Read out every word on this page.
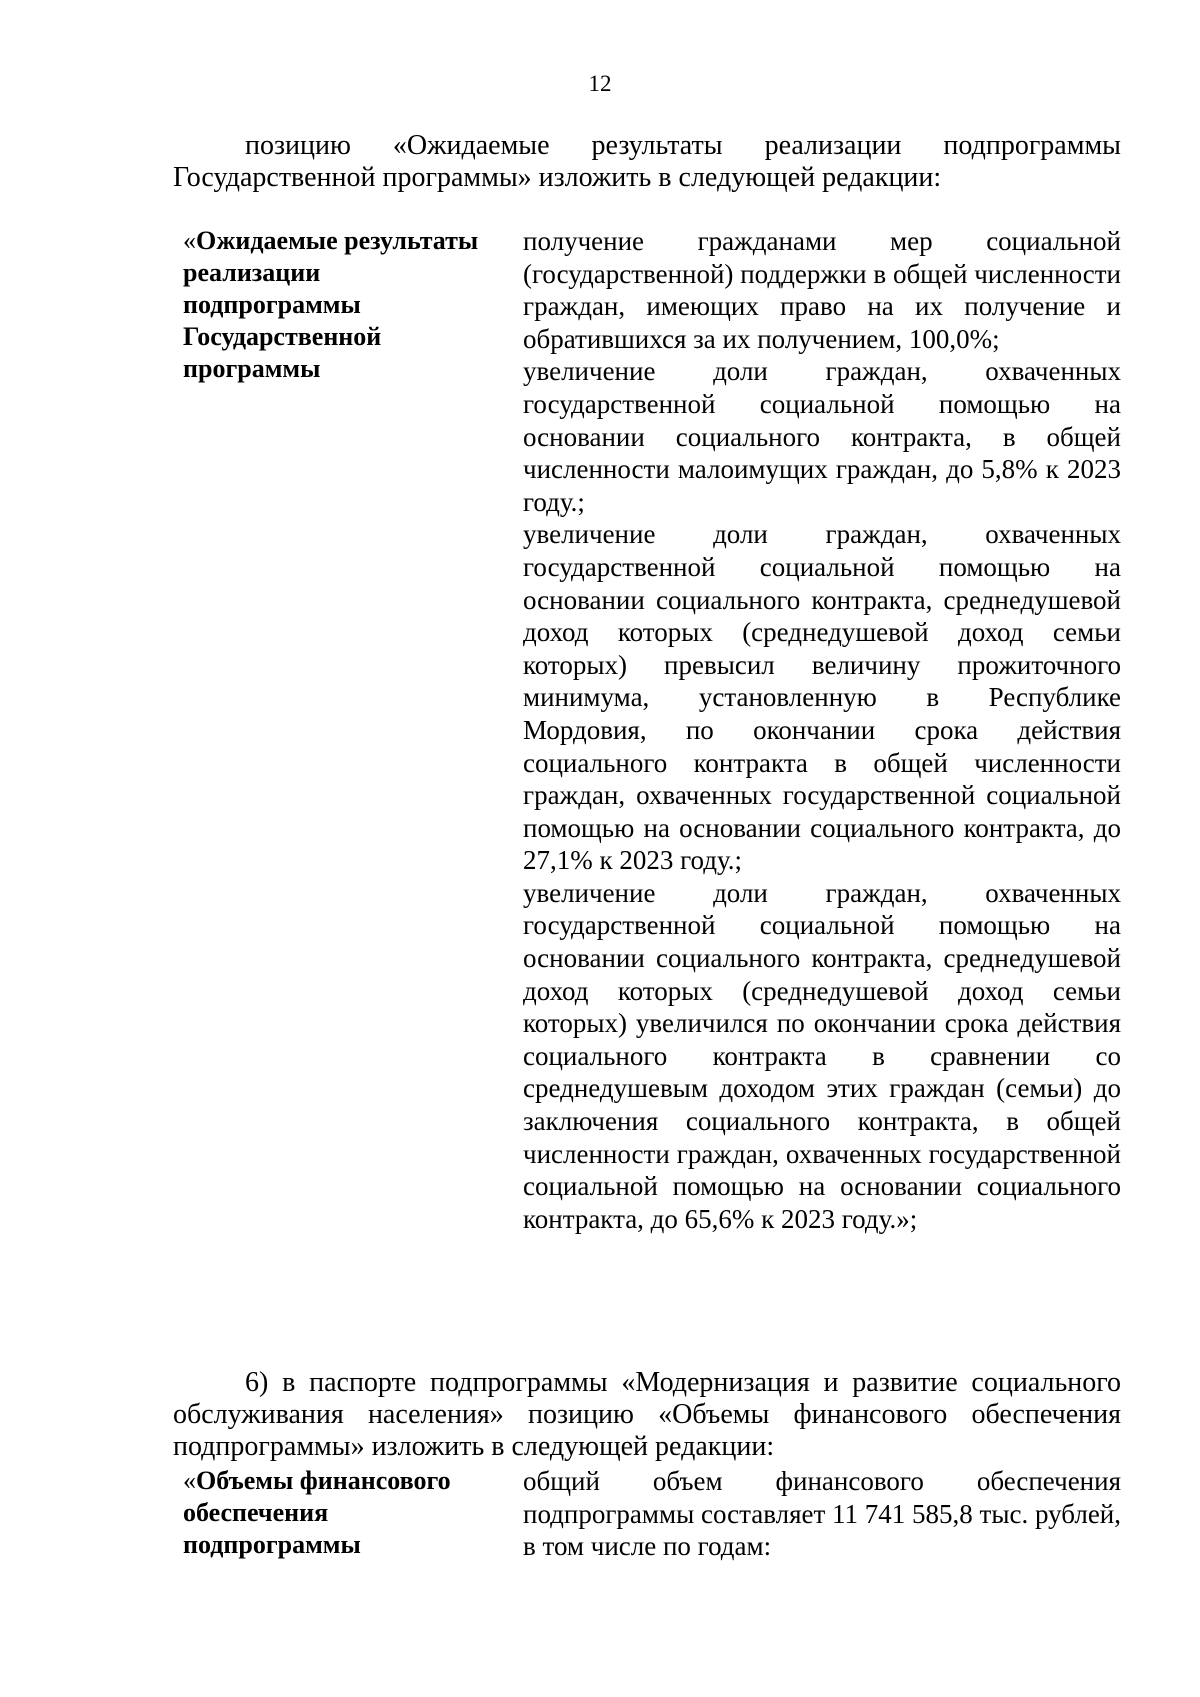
12

позицию «Ожидаемые результаты реализации подпрограммы Государственной программы» изложить в следующей редакции:

«Ожидаемые результаты реализации подпрограммы Государственной программы

получение гражданами мер социальной (государственной) поддержки в общей численности граждан, имеющих право на их получение и обратившихся за их получением, 100,0%;

увеличение доли граждан, охваченных государственной социальной помощью на основании социального контракта, в общей численности малоимущих граждан, до 5,8% к 2023 году.;

увеличение доли граждан, охваченных государственной социальной помощью на основании социального контракта, среднедушевой доход которых (среднедушевой доход семьи которых) превысил величину прожиточного минимума, установленную в Республике Мордовия, по окончании срока действия социального контракта в общей численности граждан, охваченных государственной социальной помощью на основании социального контракта, до 27,1% к 2023 году.;

увеличение доли граждан, охваченных государственной социальной помощью на основании социального контракта, среднедушевой доход которых (среднедушевой доход семьи которых) увеличился по окончании срока действия социального контракта в сравнении со среднедушевым доходом этих граждан (семьи) до заключения социального контракта, в общей численности граждан, охваченных государственной социальной помощью на основании социального контракта, до 65,6% к 2023 году.»;

6) в паспорте подпрограммы «Модернизация и развитие социального обслуживания населения» позицию «Объемы финансового обеспечения подпрограммы» изложить в следующей редакции:

«Объемы финансового обеспечения подпрограммы

общий объем финансового обеспечения подпрограммы составляет 11 741 585,8 тыс. рублей, в том числе по годам:
